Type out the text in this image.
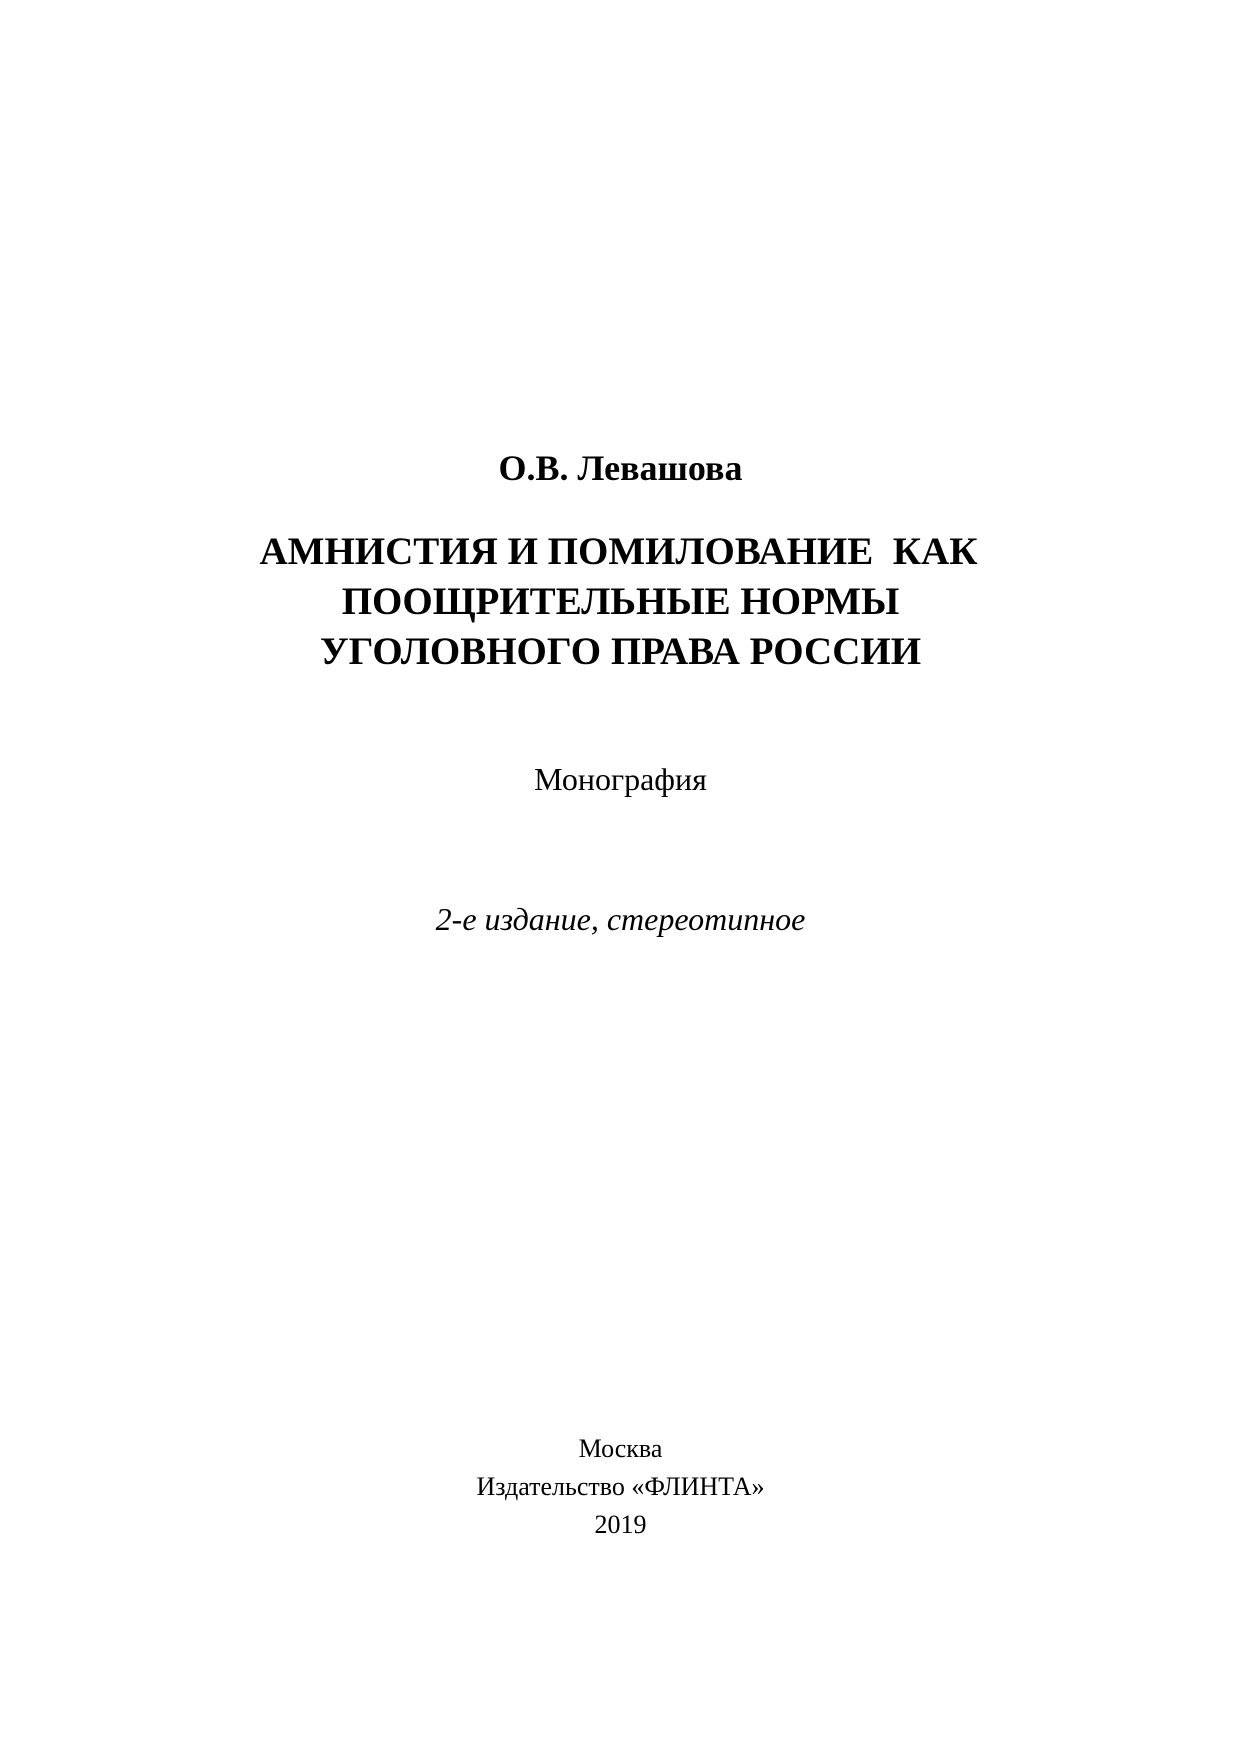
О.В. Левашова
АМНИСТИЯ И ПОМИЛОВАНИЕ  КАК
ПООЩРИТЕЛЬНЫЕ НОРМЫ
УГОЛОВНОГО ПРАВА РОССИИ
Монография
2-е издание, стереотипное
Москва
Издательство «ФЛИНТА»
2019
